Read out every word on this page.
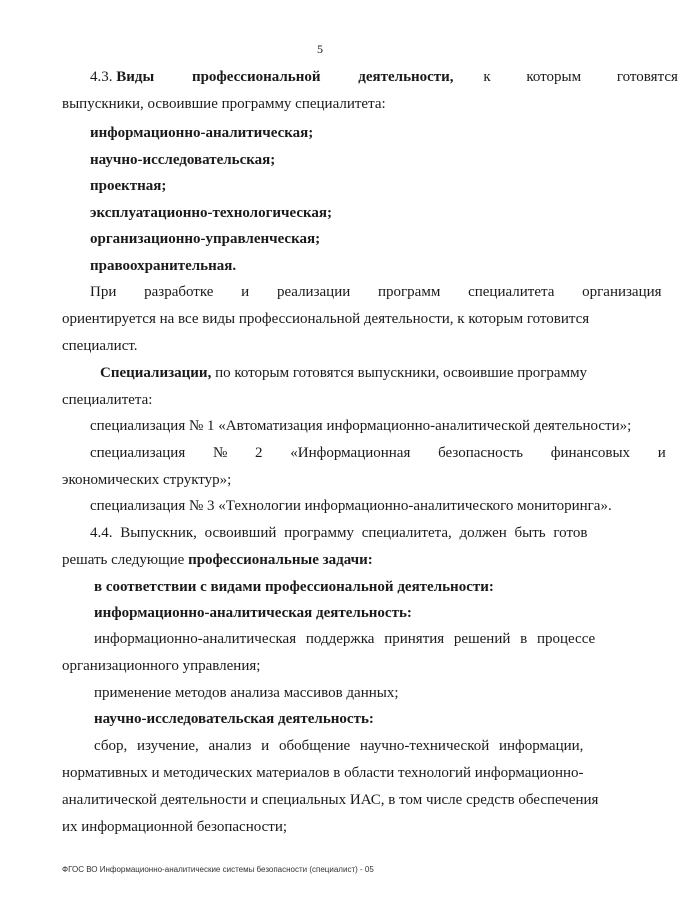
5
4.3. Виды профессиональной деятельности, к которым готовятся
выпускники, освоившие программу специалитета:
информационно-аналитическая;
научно-исследовательская;
проектная;
эксплуатационно-технологическая;
организационно-управленческая;
правоохранительная.
При разработке и реализации программ специалитета организация
ориентируется на все виды профессиональной деятельности, к которым готовится
специалист.
Специализации, по которым готовятся выпускники, освоившие программу
специалитета:
специализация № 1 «Автоматизация информационно-аналитической деятельности»;
специализация № 2 «Информационная безопасность финансовых и
экономических структур»;
специализация № 3 «Технологии информационно-аналитического мониторинга».
4.4. Выпускник, освоивший программу специалитета, должен быть готов
решать следующие профессиональные задачи:
в соответствии с видами профессиональной деятельности:
информационно-аналитическая деятельность:
информационно-аналитическая поддержка принятия решений в процессе
организационного управления;
применение методов анализа массивов данных;
научно-исследовательская деятельность:
сбор, изучение, анализ и обобщение научно-технической информации,
нормативных и методических материалов в области технологий информационно-
аналитической деятельности и специальных ИАС, в том числе средств обеспечения
их информационной безопасности;
ФГОС ВО Информационно-аналитические системы безопасности (специалист) - 05
